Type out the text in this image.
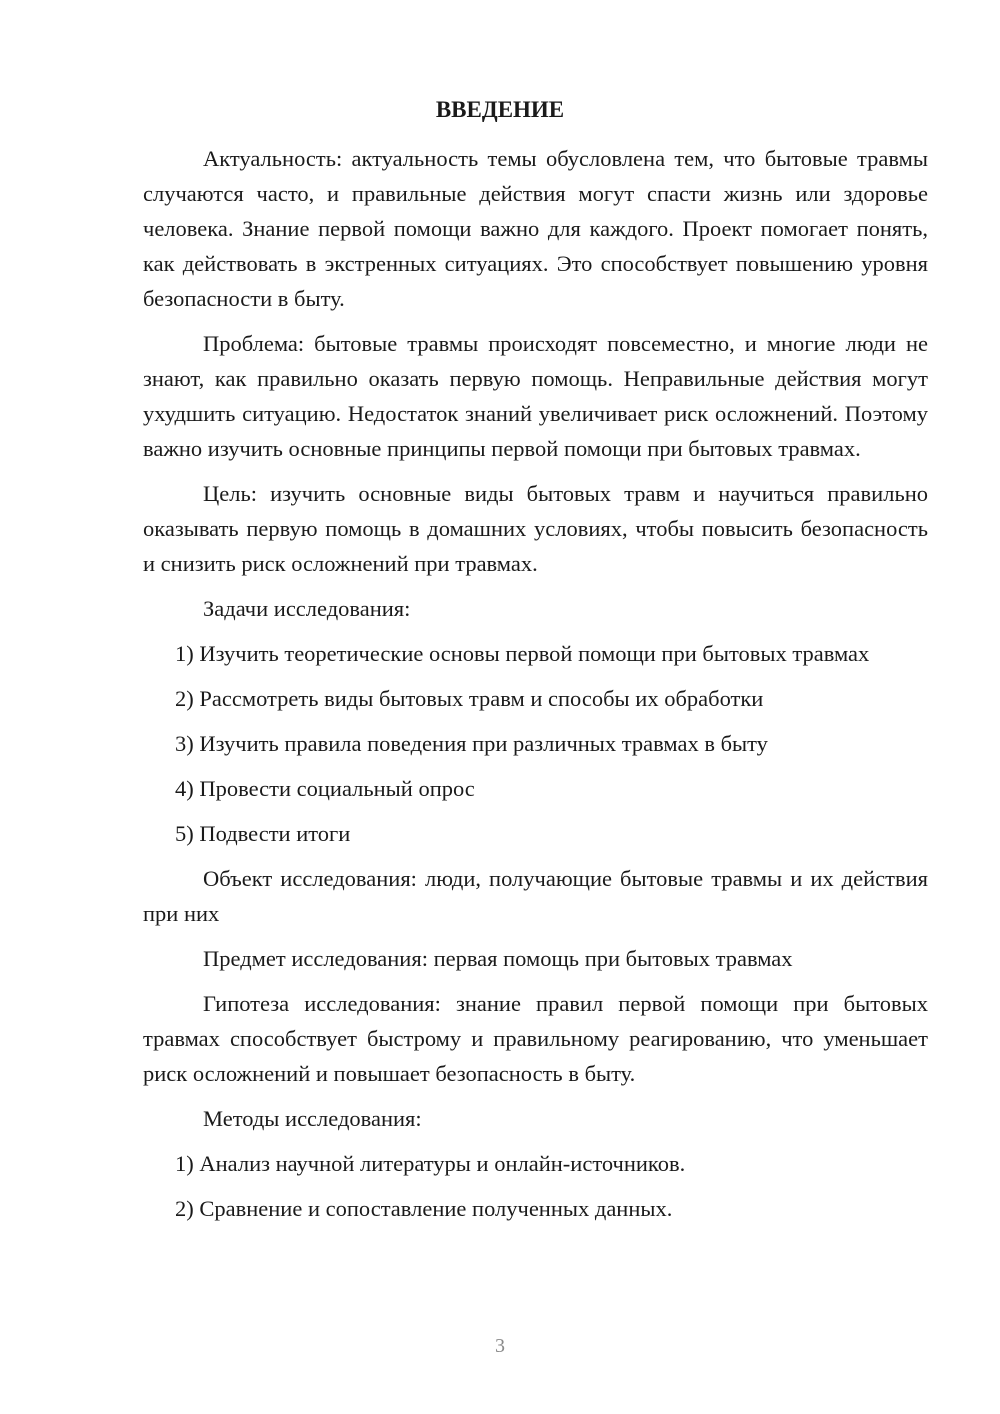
ВВЕДЕНИЕ

Актуальность: актуальность темы обусловлена тем, что бытовые травмы случаются часто, и правильные действия могут спасти жизнь или здоровье человека. Знание первой помощи важно для каждого. Проект помогает понять, как действовать в экстренных ситуациях. Это способствует повышению уровня безопасности в быту.

Проблема: бытовые травмы происходят повсеместно, и многие люди не знают, как правильно оказать первую помощь. Неправильные действия могут ухудшить ситуацию. Недостаток знаний увеличивает риск осложнений. Поэтому важно изучить основные принципы первой помощи при бытовых травмах.

Цель: изучить основные виды бытовых травм и научиться правильно оказывать первую помощь в домашних условиях, чтобы повысить безопасность и снизить риск осложнений при травмах.

Задачи исследования:

1) Изучить теоретические основы первой помощи при бытовых травмах

2) Рассмотреть виды бытовых травм и способы их обработки

3) Изучить правила поведения при различных травмах в быту

4) Провести социальный опрос

5) Подвести итоги

Объект исследования: люди, получающие бытовые травмы и их действия при них

Предмет исследования: первая помощь при бытовых травмах

Гипотеза исследования: знание правил первой помощи при бытовых травмах способствует быстрому и правильному реагированию, что уменьшает риск осложнений и повышает безопасность в быту.

Методы исследования:

1) Анализ научной литературы и онлайн-источников.

2) Сравнение и сопоставление полученных данных.

3
